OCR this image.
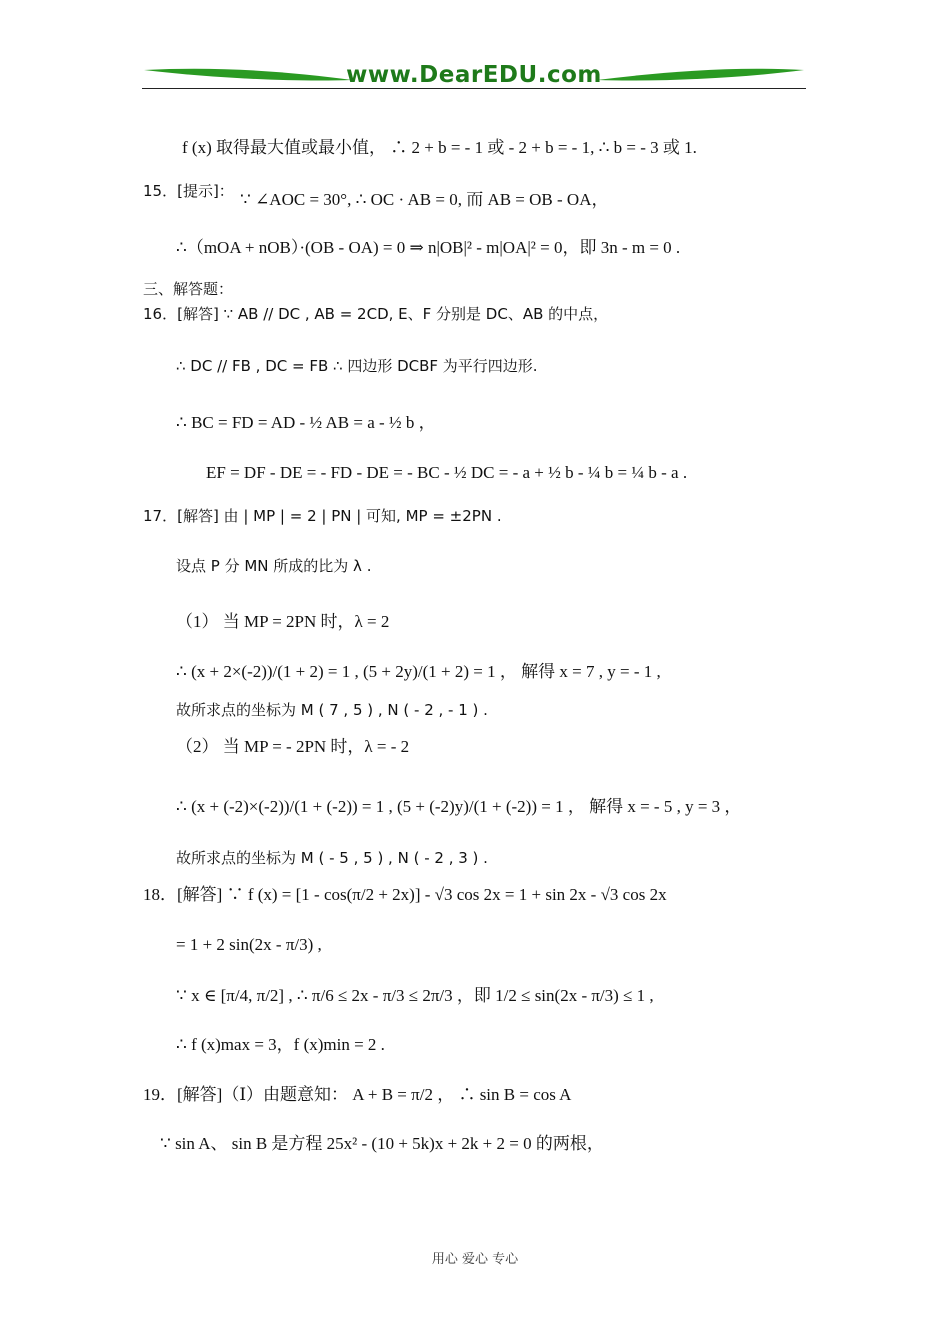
www.DearEDU.com
f (x) 取得最大值或最小值， ∴ 2 + b = - 1 或 - 2 + b = - 1, ∴ b = - 3 或 1.
15．[提示]： ∵ ∠AOC = 30°, ∴ OC · AB = 0, 而 AB = OB - OA，
∴（mOA + nOB）·(OB - OA) = 0 ⇒ n|OB|² - m|OA|² = 0，即 3n - m = 0 .
三、解答题：
16．[解答] ∵ AB // DC , AB = 2CD, E、F 分别是 DC、AB 的中点，
∴ DC // FB , DC = FB ∴ 四边形 DCBF 为平行四边形.
∴ BC = FD = AD - ½ AB = a - ½ b ，
EF = DF - DE = - FD - DE = - BC - ½ DC = - a + ½ b - ¼ b = ¼ b - a .
17．[解答] 由 | MP | = 2 | PN | 可知, MP = ±2PN .
设点 P 分 MN 所成的比为 λ .
（1） 当 MP = 2PN 时，λ = 2
∴ (x + 2×(-2))/(1 + 2) = 1 , (5 + 2y)/(1 + 2) = 1 ， 解得 x = 7 , y = - 1 ,
故所求点的坐标为 M ( 7 , 5 ) , N ( - 2 , - 1 ) .
（2） 当 MP = - 2PN 时，λ = - 2
∴ (x + (-2)×(-2))/(1 + (-2)) = 1 , (5 + (-2)y)/(1 + (-2)) = 1 ， 解得 x = - 5 , y = 3 ，
故所求点的坐标为 M ( - 5 , 5 ) , N ( - 2 , 3 ) .
18．[解答] ∵ f (x) = [1 - cos(π/2 + 2x)] - √3 cos 2x = 1 + sin 2x - √3 cos 2x
= 1 + 2 sin(2x - π/3) ,
∵ x ∈ [π/4, π/2] , ∴ π/6 ≤ 2x - π/3 ≤ 2π/3 ，即 1/2 ≤ sin(2x - π/3) ≤ 1 ,
∴ f (x)max = 3，f (x)min = 2 .
19．[解答]（Ⅰ）由题意知： A + B = π/2 ， ∴ sin B = cos A
∵ sin A、 sin B 是方程 25x² - (10 + 5k)x + 2k + 2 = 0 的两根，
用心 爱心 专心
